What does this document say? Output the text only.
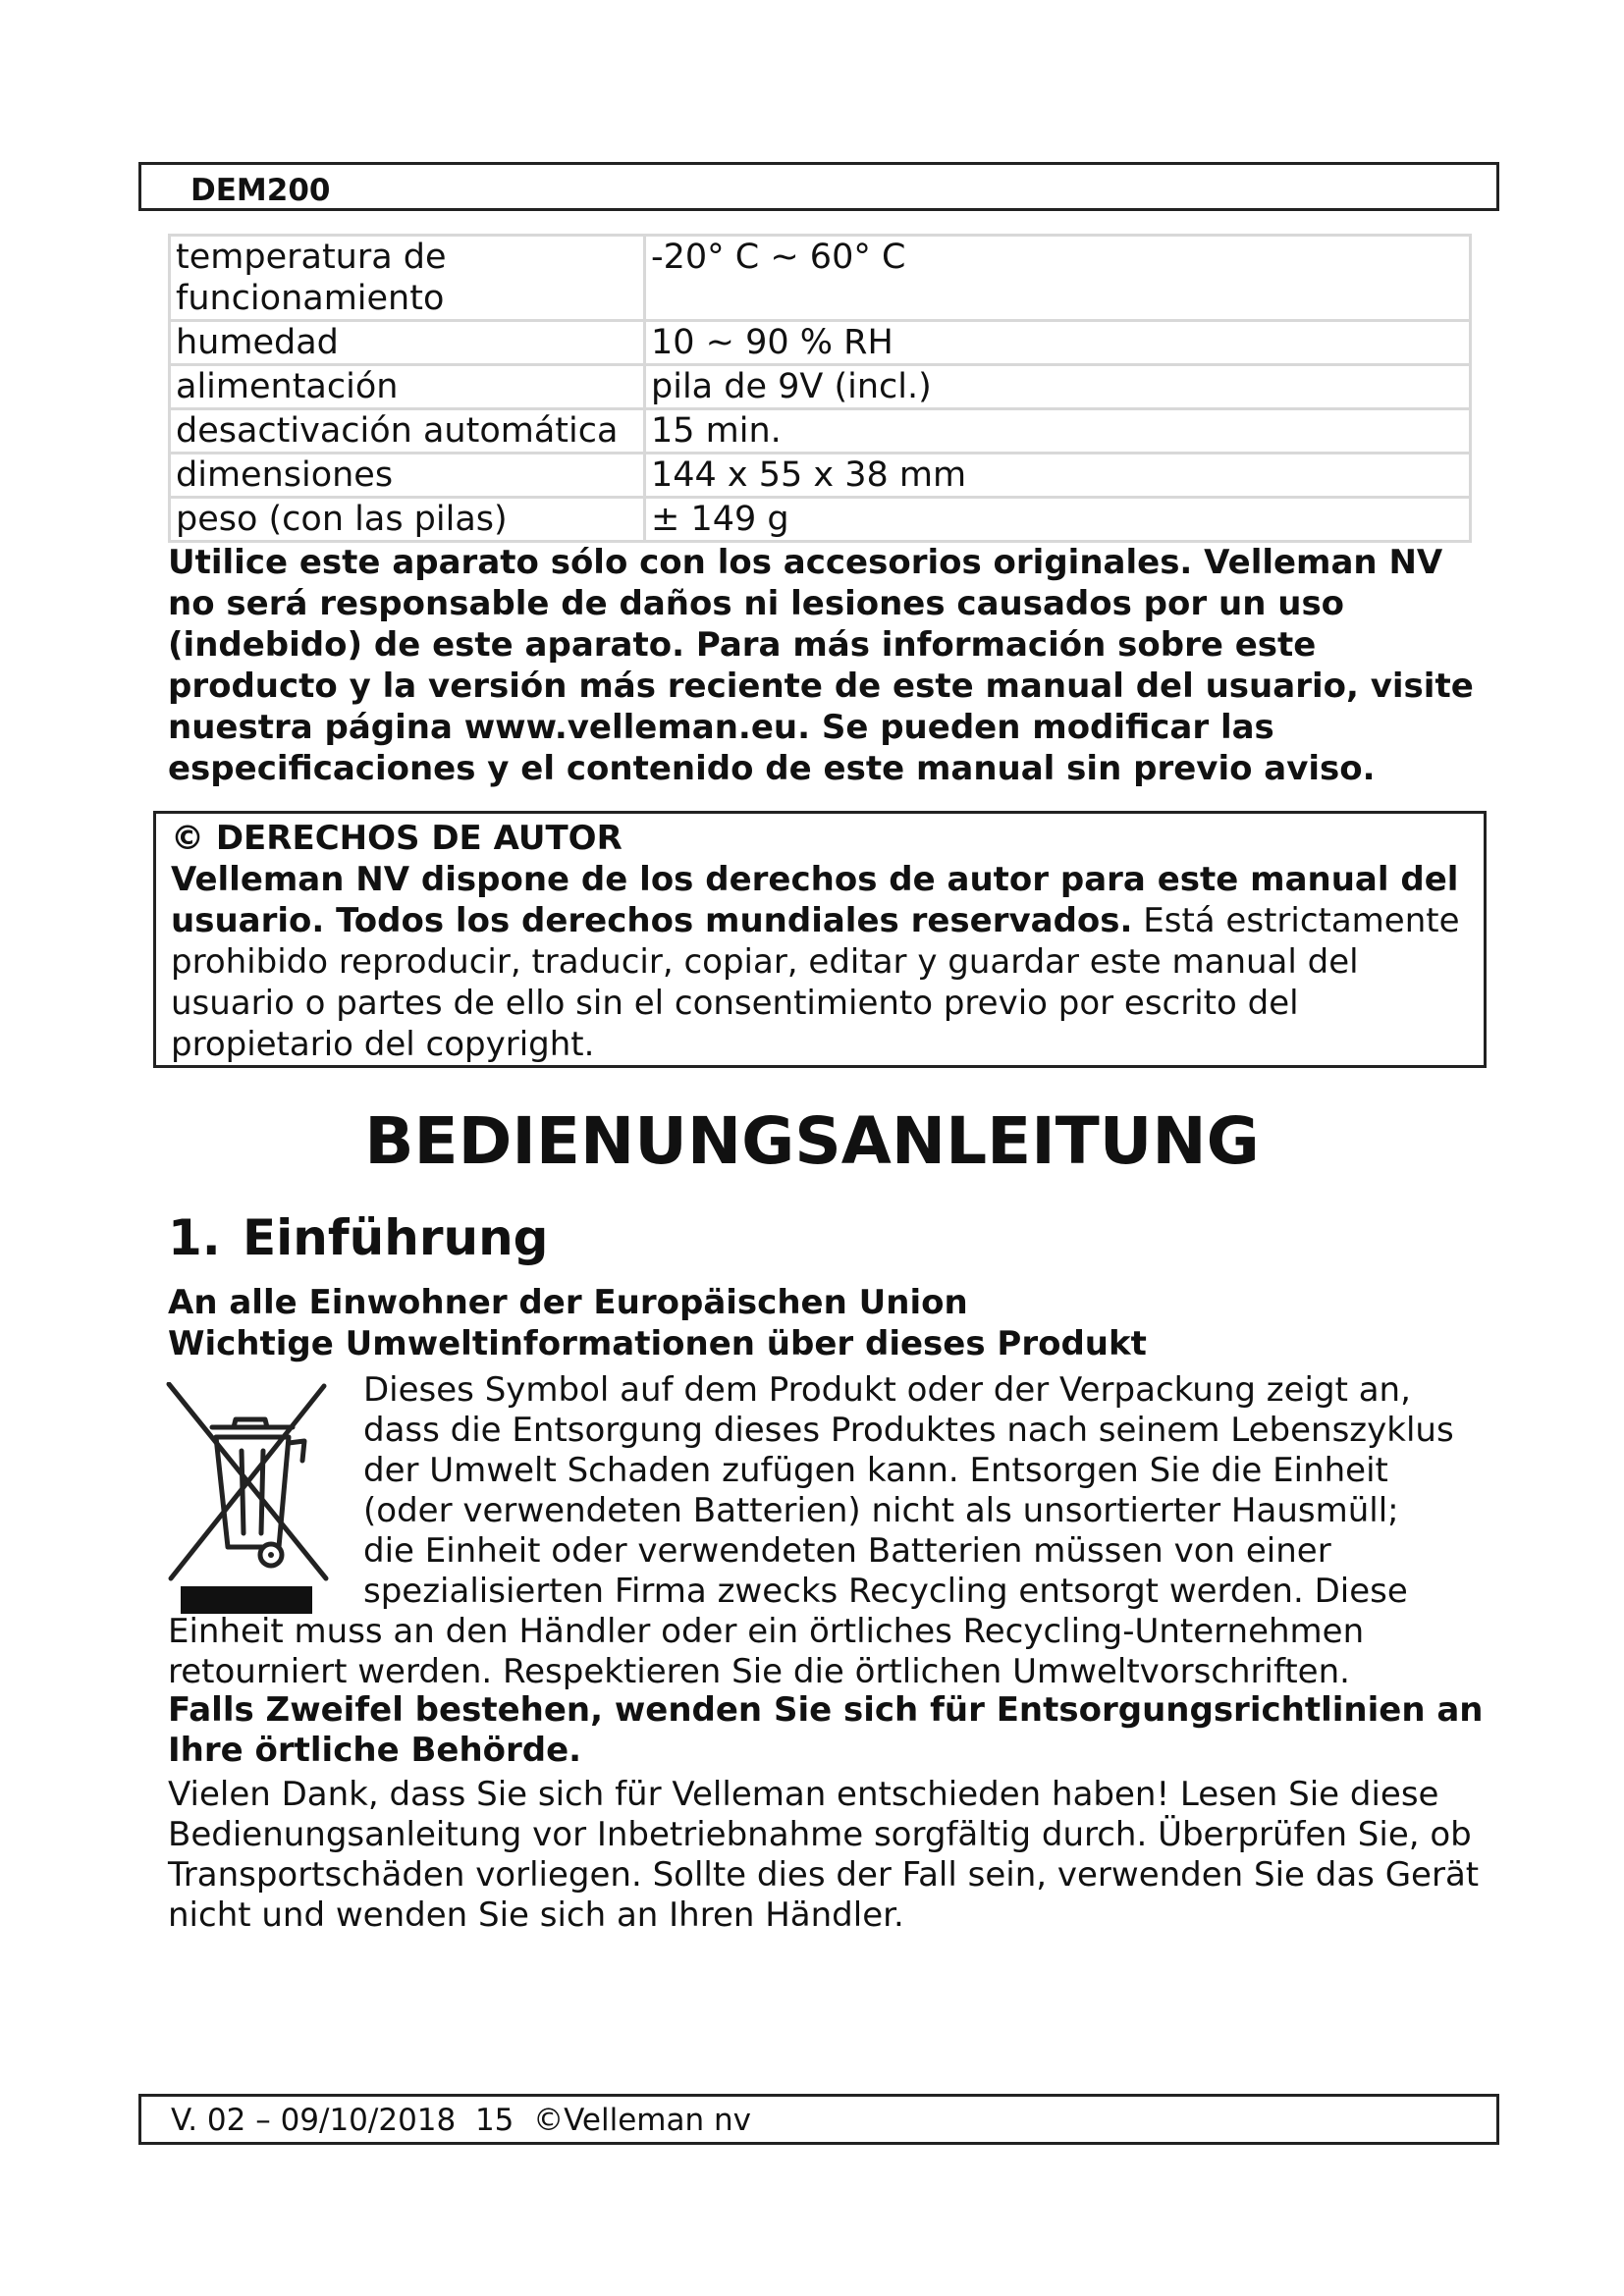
DEM200
temperatura de funcionamiento	-20° C ~ 60° C
humedad	10 ~ 90 % RH
alimentación	pila de 9V (incl.)
desactivación automática	15 min.
dimensiones	144 x 55 x 38 mm
peso (con las pilas)	± 149 g
Utilice este aparato sólo con los accesorios originales. Velleman NV no será responsable de daños ni lesiones causados por un uso (indebido) de este aparato. Para más información sobre este producto y la versión más reciente de este manual del usuario, visite nuestra página www.velleman.eu. Se pueden modificar las especificaciones y el contenido de este manual sin previo aviso.
© DERECHOS DE AUTOR
Velleman NV dispone de los derechos de autor para este manual del usuario. Todos los derechos mundiales reservados. Está estrictamente prohibido reproducir, traducir, copiar, editar y guardar este manual del usuario o partes de ello sin el consentimiento previo por escrito del propietario del copyright.
BEDIENUNGSANLEITUNG
1. Einführung
An alle Einwohner der Europäischen Union
Wichtige Umweltinformationen über dieses Produkt
Dieses Symbol auf dem Produkt oder der Verpackung zeigt an,
dass die Entsorgung dieses Produktes nach seinem Lebenszyklus
der Umwelt Schaden zufügen kann. Entsorgen Sie die Einheit
(oder verwendeten Batterien) nicht als unsortierter Hausmüll;
die Einheit oder verwendeten Batterien müssen von einer
spezialisierten Firma zwecks Recycling entsorgt werden. Diese
Einheit muss an den Händler oder ein örtliches Recycling-Unternehmen
retourniert werden. Respektieren Sie die örtlichen Umweltvorschriften.
Falls Zweifel bestehen, wenden Sie sich für Entsorgungsrichtlinien an Ihre örtliche Behörde.
Vielen Dank, dass Sie sich für Velleman entschieden haben! Lesen Sie diese Bedienungsanleitung vor Inbetriebnahme sorgfältig durch. Überprüfen Sie, ob Transportschäden vorliegen. Sollte dies der Fall sein, verwenden Sie das Gerät nicht und wenden Sie sich an Ihren Händler.
V. 02 – 09/10/2018  15  ©Velleman nv
